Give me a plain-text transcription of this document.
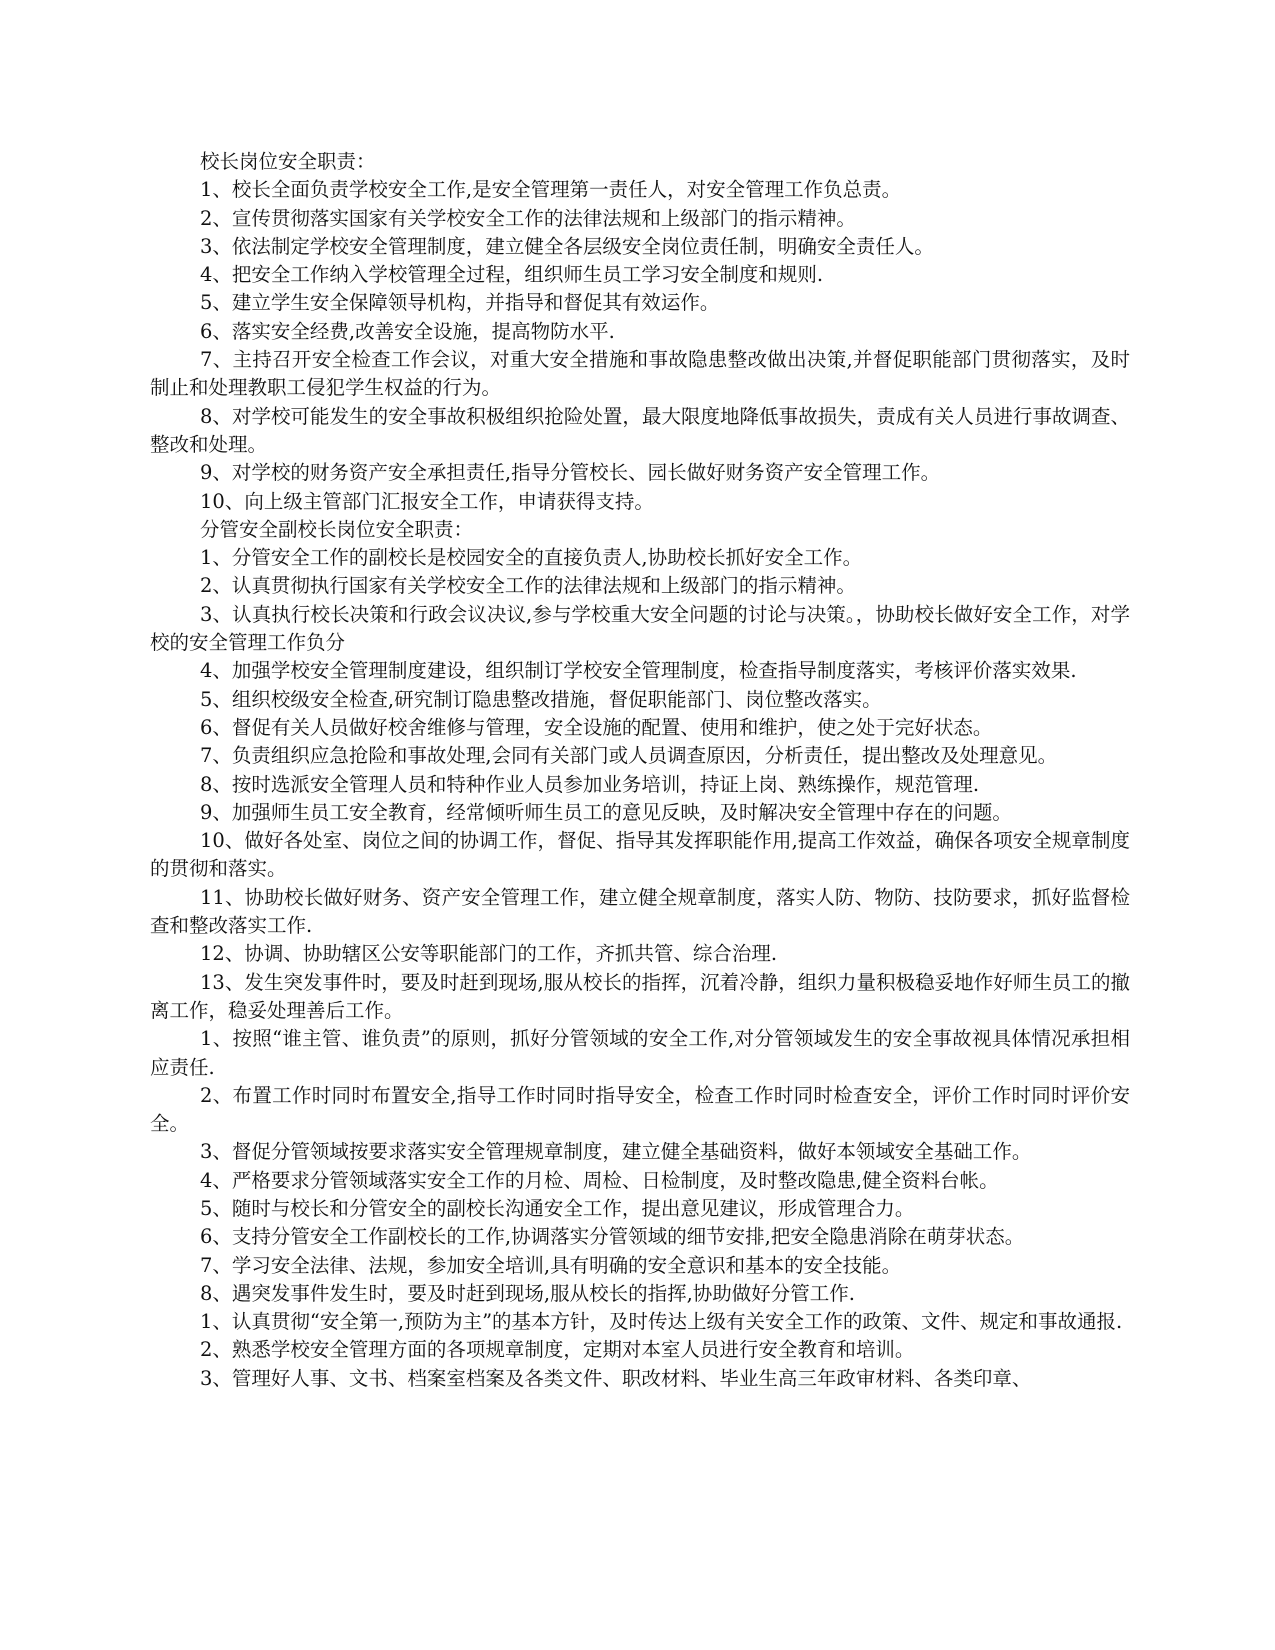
校长岗位安全职责：

1、校长全面负责学校安全工作,是安全管理第一责任人，对安全管理工作负总责。

2、宣传贯彻落实国家有关学校安全工作的法律法规和上级部门的指示精神。

3、依法制定学校安全管理制度，建立健全各层级安全岗位责任制，明确安全责任人。

4、把安全工作纳入学校管理全过程，组织师生员工学习安全制度和规则.

5、建立学生安全保障领导机构，并指导和督促其有效运作。

6、落实安全经费,改善安全设施，提高物防水平.

7、主持召开安全检查工作会议，对重大安全措施和事故隐患整改做出决策,并督促职能部门贯彻落实，及时制止和处理教职工侵犯学生权益的行为。

8、对学校可能发生的安全事故积极组织抢险处置，最大限度地降低事故损失，责成有关人员进行事故调查、整改和处理。

9、对学校的财务资产安全承担责任,指导分管校长、园长做好财务资产安全管理工作。

10、向上级主管部门汇报安全工作，申请获得支持。

分管安全副校长岗位安全职责：

1、分管安全工作的副校长是校园安全的直接负责人,协助校长抓好安全工作。

2、认真贯彻执行国家有关学校安全工作的法律法规和上级部门的指示精神。

3、认真执行校长决策和行政会议决议,参与学校重大安全问题的讨论与决策。，协助校长做好安全工作，对学校的安全管理工作负分

4、加强学校安全管理制度建设，组织制订学校安全管理制度，检查指导制度落实，考核评价落实效果.

5、组织校级安全检查,研究制订隐患整改措施，督促职能部门、岗位整改落实。

6、督促有关人员做好校舍维修与管理，安全设施的配置、使用和维护，使之处于完好状态。

7、负责组织应急抢险和事故处理,会同有关部门或人员调查原因，分析责任，提出整改及处理意见。

8、按时选派安全管理人员和特种作业人员参加业务培训，持证上岗、熟练操作，规范管理.

9、加强师生员工安全教育，经常倾听师生员工的意见反映，及时解决安全管理中存在的问题。

10、做好各处室、岗位之间的协调工作，督促、指导其发挥职能作用,提高工作效益，确保各项安全规章制度的贯彻和落实。

11、协助校长做好财务、资产安全管理工作，建立健全规章制度，落实人防、物防、技防要求，抓好监督检查和整改落实工作.

12、协调、协助辖区公安等职能部门的工作，齐抓共管、综合治理.

13、发生突发事件时，要及时赶到现场,服从校长的指挥，沉着冷静，组织力量积极稳妥地作好师生员工的撤离工作，稳妥处理善后工作。

1、按照“谁主管、谁负责”的原则，抓好分管领域的安全工作,对分管领域发生的安全事故视具体情况承担相应责任.

2、布置工作时同时布置安全,指导工作时同时指导安全，检查工作时同时检查安全，评价工作时同时评价安全。

3、督促分管领域按要求落实安全管理规章制度，建立健全基础资料，做好本领域安全基础工作。

4、严格要求分管领域落实安全工作的月检、周检、日检制度，及时整改隐患,健全资料台帐。

5、随时与校长和分管安全的副校长沟通安全工作，提出意见建议，形成管理合力。

6、支持分管安全工作副校长的工作,协调落实分管领域的细节安排,把安全隐患消除在萌芽状态。

7、学习安全法律、法规，参加安全培训,具有明确的安全意识和基本的安全技能。

8、遇突发事件发生时，要及时赶到现场,服从校长的指挥,协助做好分管工作.

1、认真贯彻“安全第一,预防为主”的基本方针，及时传达上级有关安全工作的政策、文件、规定和事故通报.

2、熟悉学校安全管理方面的各项规章制度，定期对本室人员进行安全教育和培训。

3、管理好人事、文书、档案室档案及各类文件、职改材料、毕业生高三年政审材料、各类印章、
